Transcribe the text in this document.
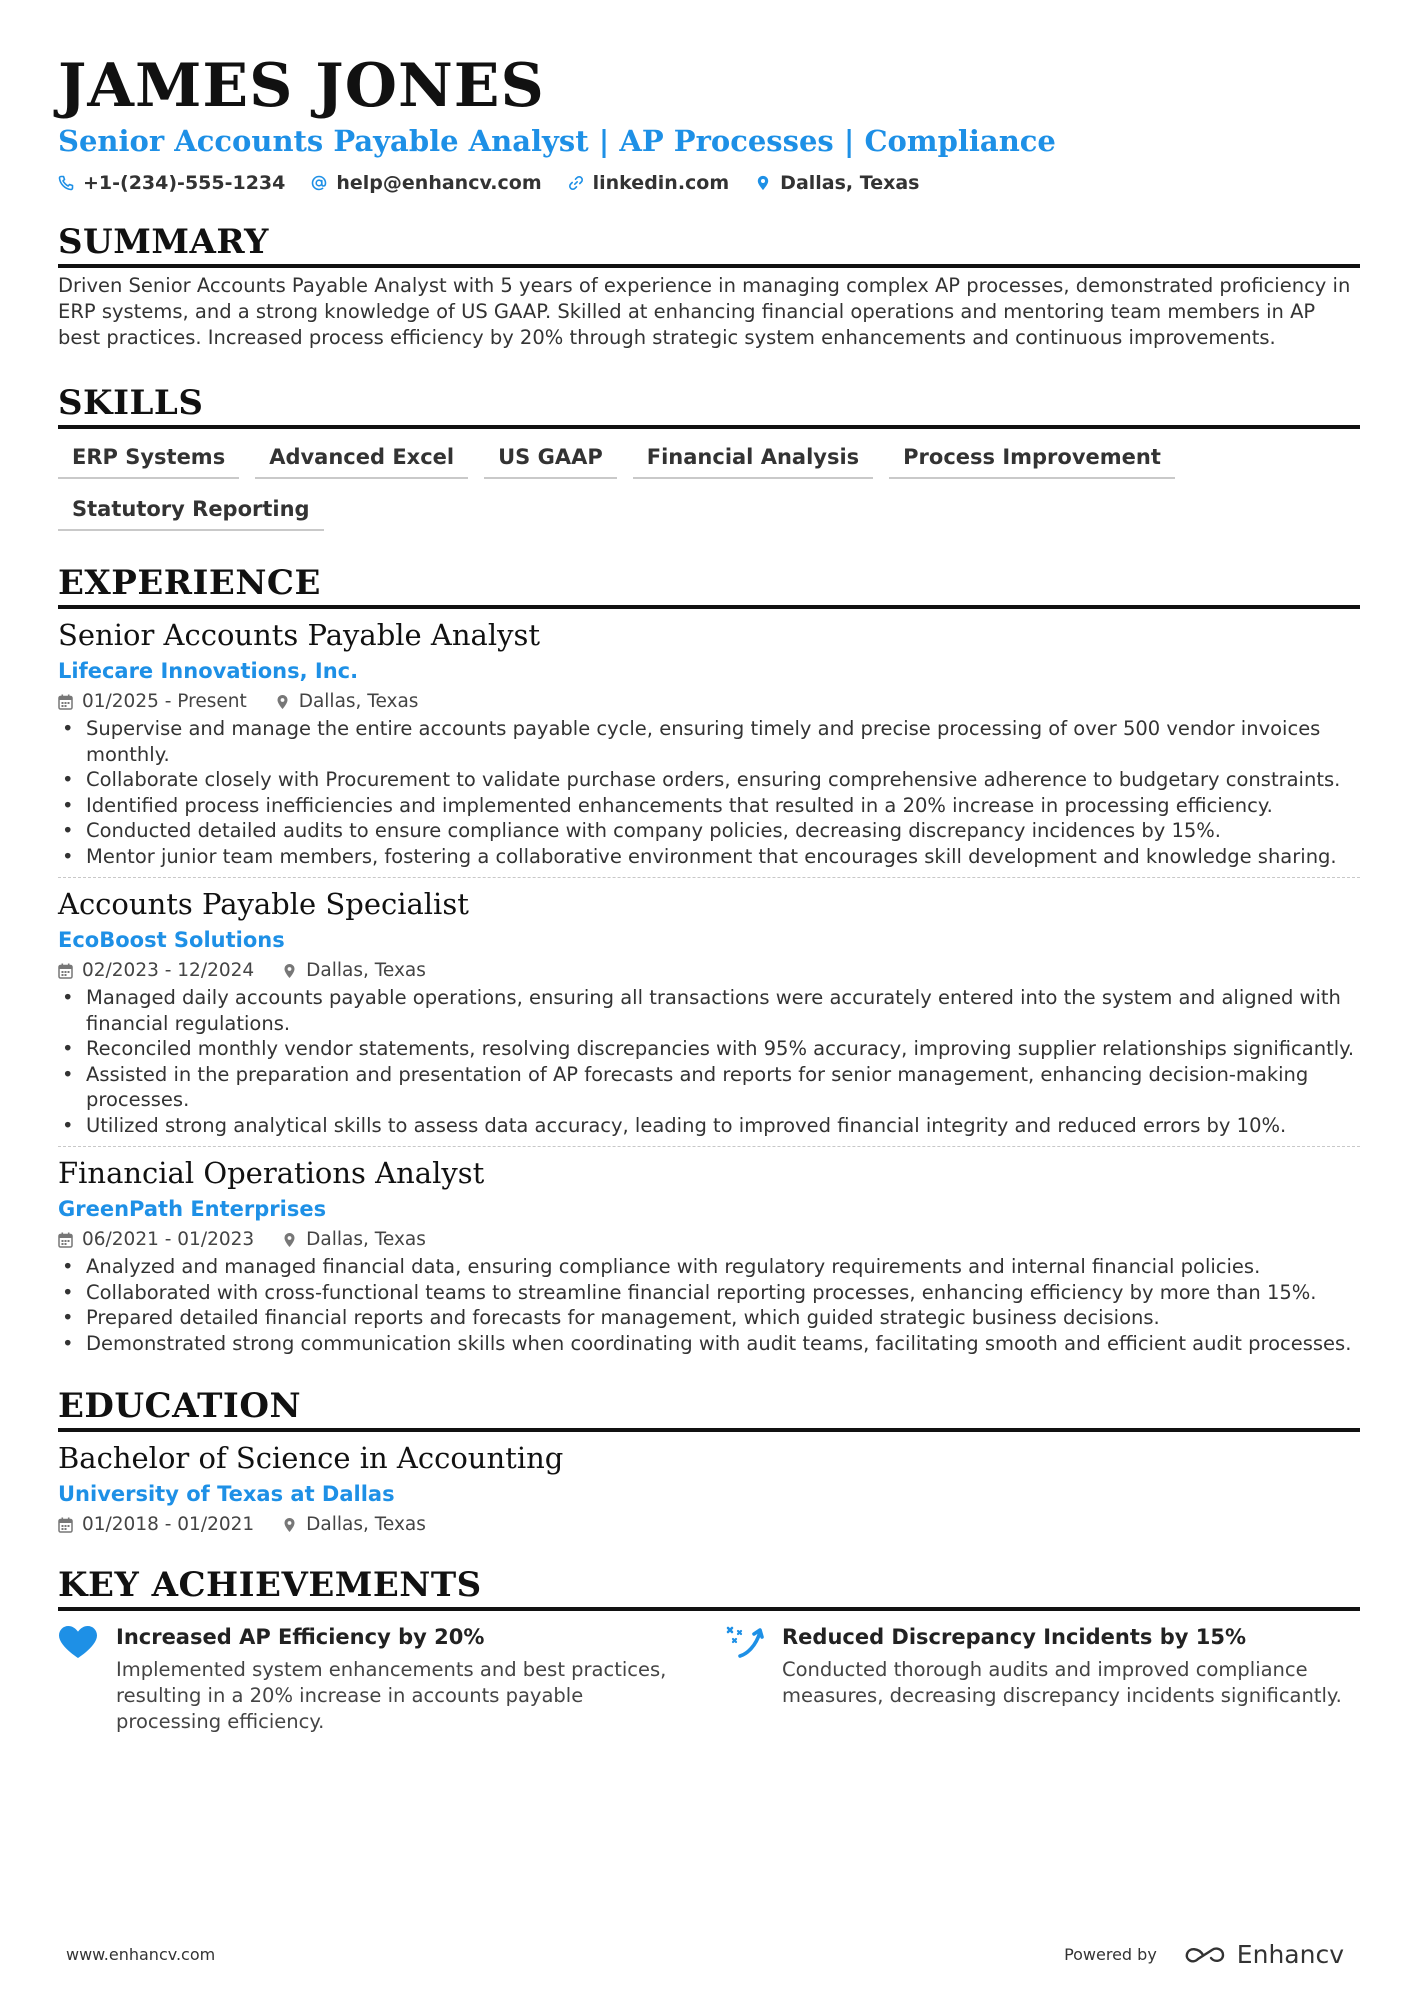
JAMES JONES
Senior Accounts Payable Analyst | AP Processes | Compliance
+1-(234)-555-1234	help@enhancv.com	linkedin.com	Dallas, Texas
SUMMARY
Driven Senior Accounts Payable Analyst with 5 years of experience in managing complex AP processes, demonstrated proficiency in ERP systems, and a strong knowledge of US GAAP. Skilled at enhancing financial operations and mentoring team members in AP best practices. Increased process efficiency by 20% through strategic system enhancements and continuous improvements.
SKILLS
ERP Systems	Advanced Excel	US GAAP	Financial Analysis	Process Improvement
Statutory Reporting
EXPERIENCE
Senior Accounts Payable Analyst
Lifecare Innovations, Inc.
01/2025 - Present	Dallas, Texas
• Supervise and manage the entire accounts payable cycle, ensuring timely and precise processing of over 500 vendor invoices monthly.
• Collaborate closely with Procurement to validate purchase orders, ensuring comprehensive adherence to budgetary constraints.
• Identified process inefficiencies and implemented enhancements that resulted in a 20% increase in processing efficiency.
• Conducted detailed audits to ensure compliance with company policies, decreasing discrepancy incidences by 15%.
• Mentor junior team members, fostering a collaborative environment that encourages skill development and knowledge sharing.
Accounts Payable Specialist
EcoBoost Solutions
02/2023 - 12/2024	Dallas, Texas
• Managed daily accounts payable operations, ensuring all transactions were accurately entered into the system and aligned with financial regulations.
• Reconciled monthly vendor statements, resolving discrepancies with 95% accuracy, improving supplier relationships significantly.
• Assisted in the preparation and presentation of AP forecasts and reports for senior management, enhancing decision-making processes.
• Utilized strong analytical skills to assess data accuracy, leading to improved financial integrity and reduced errors by 10%.
Financial Operations Analyst
GreenPath Enterprises
06/2021 - 01/2023	Dallas, Texas
• Analyzed and managed financial data, ensuring compliance with regulatory requirements and internal financial policies.
• Collaborated with cross-functional teams to streamline financial reporting processes, enhancing efficiency by more than 15%.
• Prepared detailed financial reports and forecasts for management, which guided strategic business decisions.
• Demonstrated strong communication skills when coordinating with audit teams, facilitating smooth and efficient audit processes.
EDUCATION
Bachelor of Science in Accounting
University of Texas at Dallas
01/2018 - 01/2021	Dallas, Texas
KEY ACHIEVEMENTS
Increased AP Efficiency by 20%
Implemented system enhancements and best practices, resulting in a 20% increase in accounts payable processing efficiency.
Reduced Discrepancy Incidents by 15%
Conducted thorough audits and improved compliance measures, decreasing discrepancy incidents significantly.
www.enhancv.com	Powered by	Enhancv
